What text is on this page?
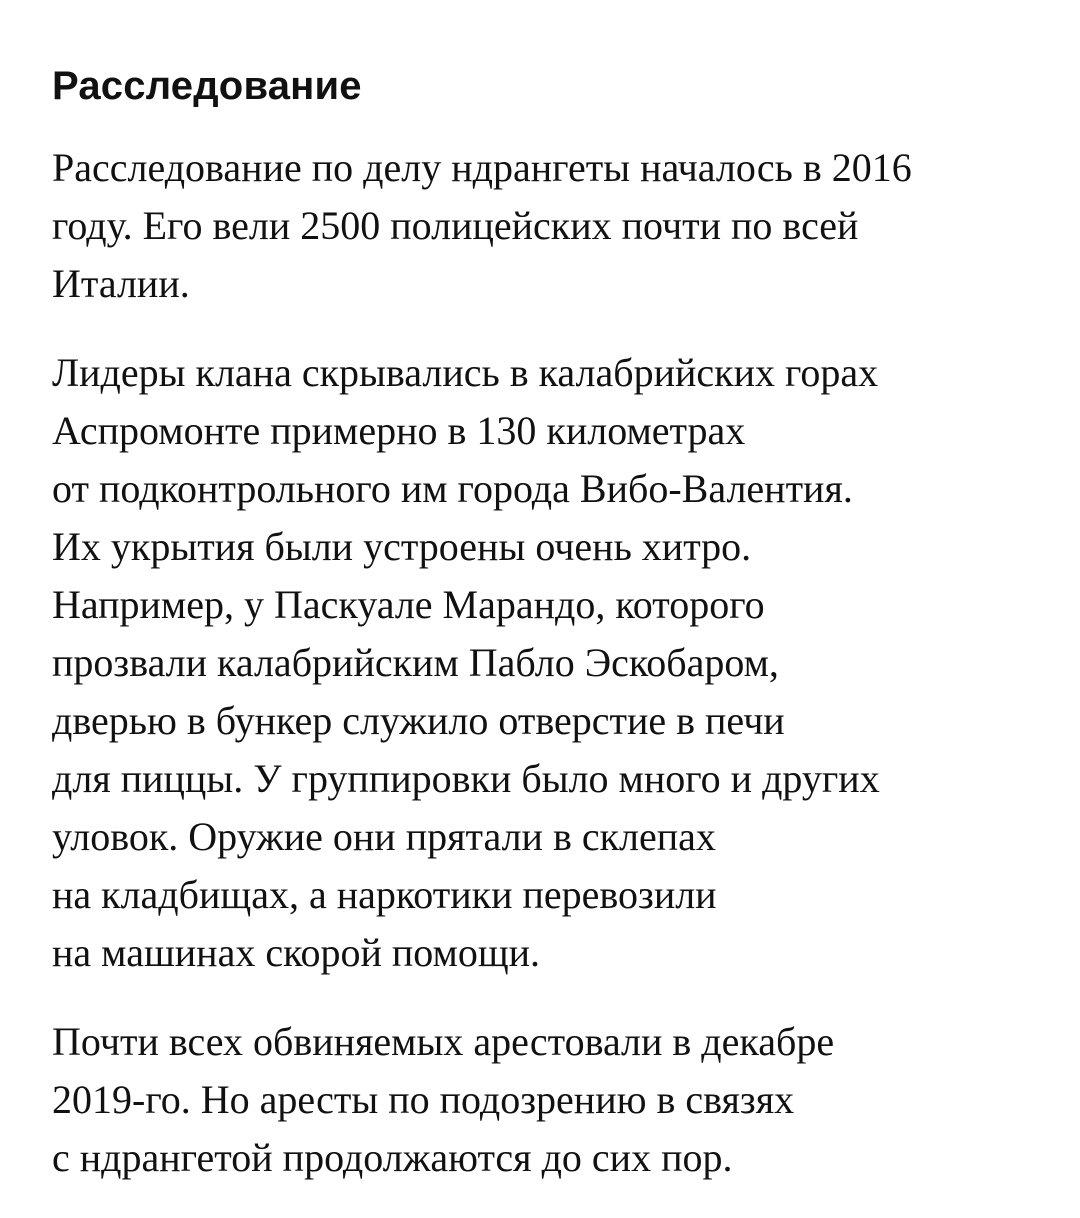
Расследование

Расследование по делу ндрангеты началось в 2016
году. Его вели 2500 полицейских почти по всей
Италии.

Лидеры клана скрывались в калабрийских горах
Аспромонте примерно в 130 километрах
от подконтрольного им города Вибо-Валентия.
Их укрытия были устроены очень хитро.
Например, у Паскуале Марандо, которого
прозвали калабрийским Пабло Эскобаром,
дверью в бункер служило отверстие в печи
для пиццы. У группировки было много и других
уловок. Оружие они прятали в склепах
на кладбищах, а наркотики перевозили
на машинах скорой помощи.

Почти всех обвиняемых арестовали в декабре
2019-го. Но аресты по подозрению в связях
с ндрангетой продолжаются до сих пор.
